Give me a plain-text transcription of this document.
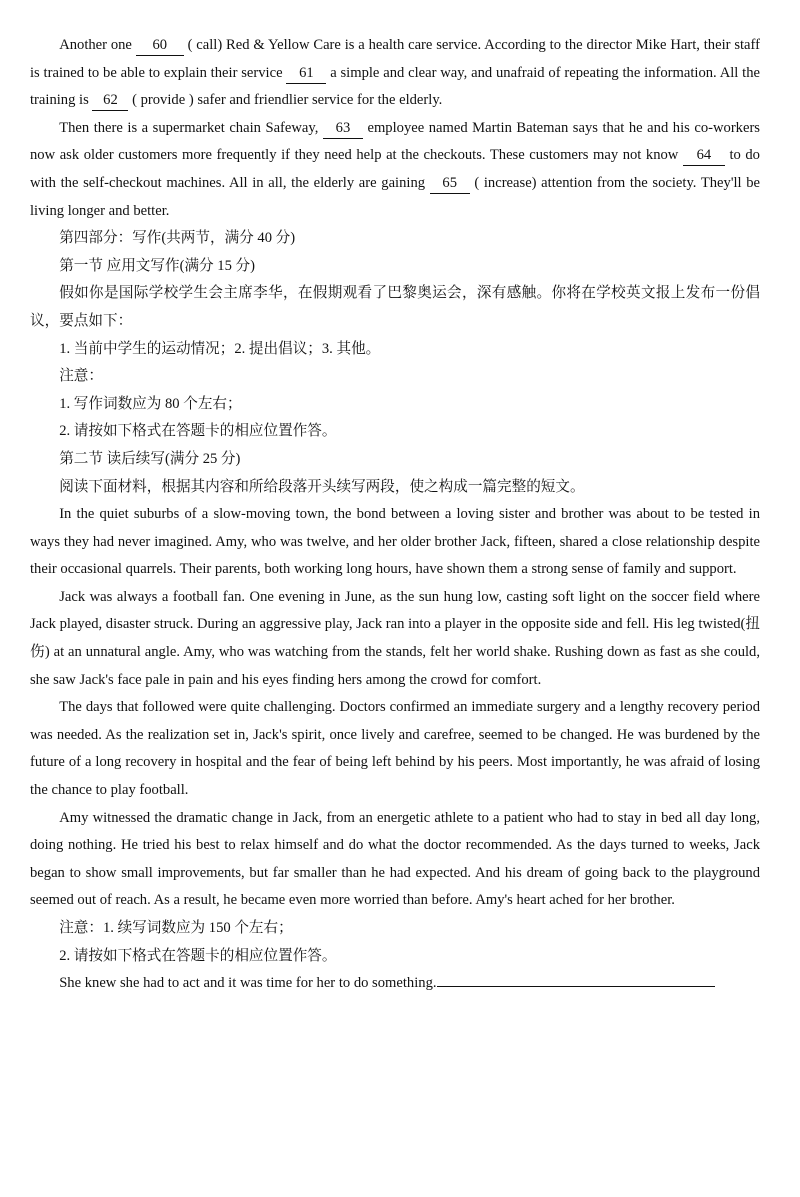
Another one 60 ( call) Red & Yellow Care is a health care service. According to the director Mike Hart, their staff is trained to be able to explain their service 61 a simple and clear way, and unafraid of repeating the information. All the training is 62 ( provide ) safer and friendlier service for the elderly.

Then there is a supermarket chain Safeway, 63 employee named Martin Bateman says that he and his co-workers now ask older customers more frequently if they need help at the checkouts. These customers may not know 64 to do with the self-checkout machines. All in all, the elderly are gaining 65 ( increase) attention from the society. They'll be living longer and better.

第四部分：写作(共两节，满分 40 分)

第一节 应用文写作(满分 15 分)

假如你是国际学校学生会主席李华，在假期观看了巴黎奥运会，深有感触。你将在学校英文报上发布一份倡议，要点如下：

1. 当前中学生的运动情况；2. 提出倡议；3. 其他。

注意：

1. 写作词数应为 80 个左右；

2. 请按如下格式在答题卡的相应位置作答。

第二节 读后续写(满分 25 分)

阅读下面材料，根据其内容和所给段落开头续写两段，使之构成一篇完整的短文。

In the quiet suburbs of a slow-moving town, the bond between a loving sister and brother was about to be tested in ways they had never imagined. Amy, who was twelve, and her older brother Jack, fifteen, shared a close relationship despite their occasional quarrels. Their parents, both working long hours, have shown them a strong sense of family and support.

Jack was always a football fan. One evening in June, as the sun hung low, casting soft light on the soccer field where Jack played, disaster struck. During an aggressive play, Jack ran into a player in the opposite side and fell. His leg twisted(扭伤) at an unnatural angle. Amy, who was watching from the stands, felt her world shake. Rushing down as fast as she could, she saw Jack's face pale in pain and his eyes finding hers among the crowd for comfort.

The days that followed were quite challenging. Doctors confirmed an immediate surgery and a lengthy recovery period was needed. As the realization set in, Jack's spirit, once lively and carefree, seemed to be changed. He was burdened by the future of a long recovery in hospital and the fear of being left behind by his peers. Most importantly, he was afraid of losing the chance to play football.

Amy witnessed the dramatic change in Jack, from an energetic athlete to a patient who had to stay in bed all day long, doing nothing. He tried his best to relax himself and do what the doctor recommended. As the days turned to weeks, Jack began to show small improvements, but far smaller than he had expected. And his dream of going back to the playground seemed out of reach. As a result, he became even more worried than before. Amy's heart ached for her brother.

注意：1. 续写词数应为 150 个左右；

2. 请按如下格式在答题卡的相应位置作答。

She knew she had to act and it was time for her to do something.
